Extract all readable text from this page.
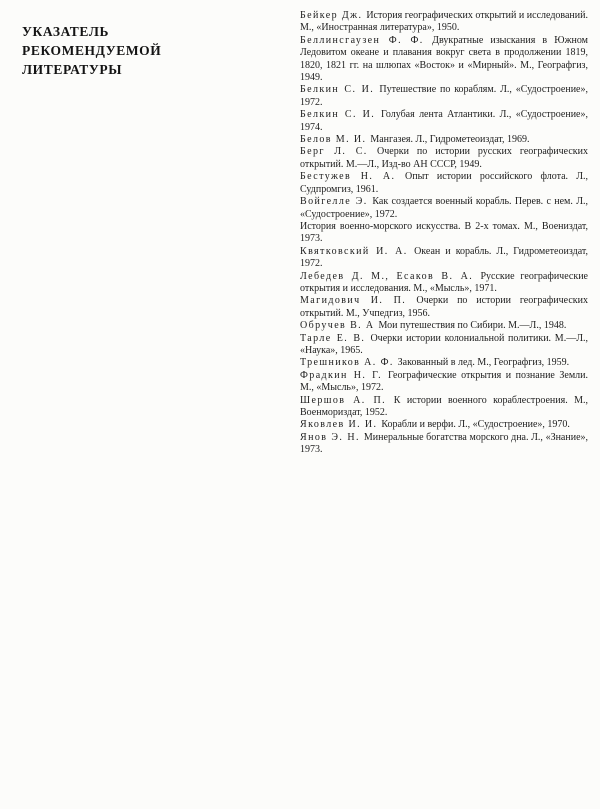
УКАЗАТЕЛЬ РЕКОМЕНДУЕМОЙ ЛИТЕРАТУРЫ

Бейкер Дж. История географических открытий и исследований. М., «Иностранная литература», 1950.

Беллинсгаузен Ф. Ф. Двукратные изыскания в Южном Ледовитом океане и плавания вокруг света в продолжении 1819, 1820, 1821 гг. на шлюпах «Восток» и «Мирный». М., Географгиз, 1949.

Белкин С. И. Путешествие по кораблям. Л., «Судостроение», 1972.

Белкин С. И. Голубая лента Атлантики. Л., «Судостроение», 1974.

Белов М. И. Мангазея. Л., Гидрометеоиздат, 1969.

Берг Л. С. Очерки по истории русских географических открытий. М.—Л., Изд-во АН СССР, 1949.

Бестужев Н. А. Опыт истории российского флота. Л., Судпромгиз, 1961.

Войгелле Э. Как создается военный корабль. Перев. с нем. Л., «Судостроение», 1972.

История военно-морского искусства. В 2-х томах. М., Воениздат, 1973.

Квятковский И. А. Океан и корабль. Л., Гидрометеоиздат, 1972.

Лебедев Д. М., Есаков В. А. Русские географические открытия и исследования. М., «Мысль», 1971.

Магидович И. П. Очерки по истории географических открытий. М., Учпедгиз, 1956.

Обручев В. А Мои путешествия по Сибири. М.—Л., 1948.

Тарле Е. В. Очерки истории колониальной политики. М.—Л., «Наука», 1965.

Трешников А. Ф. Закованный в лед. М., Географгиз, 1959.

Фрадкин Н. Г. Географические открытия и познание Земли. М., «Мысль», 1972.

Шершов А. П. К истории военного кораблестроения. М., Военмориздат, 1952.

Яковлев И. И. Корабли и верфи. Л., «Судостроение», 1970.

Янов Э. Н. Минеральные богатства морского дна. Л., «Знание», 1973.
